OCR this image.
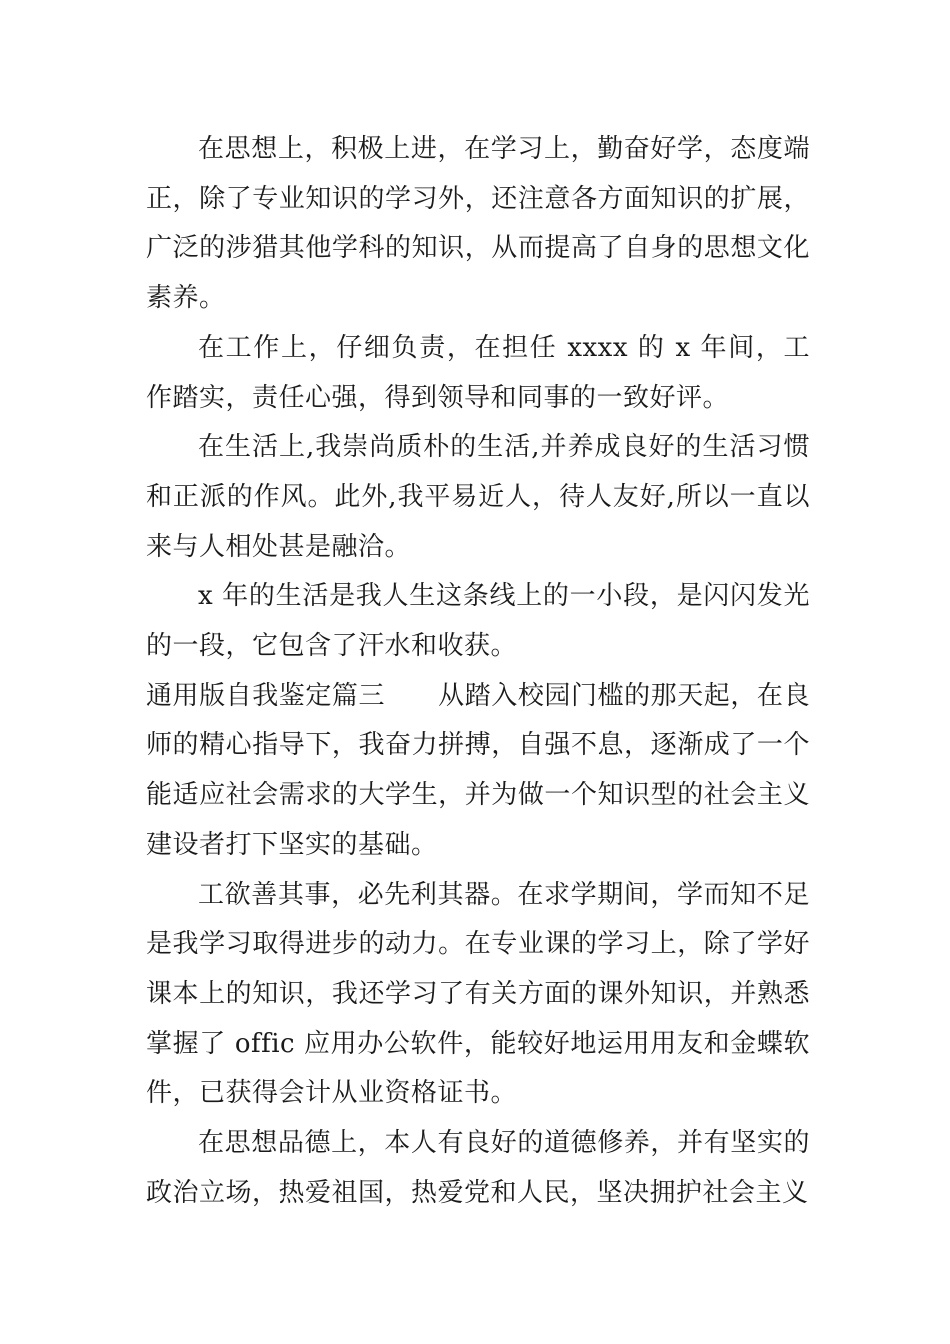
在思想上，积极上进，在学习上，勤奋好学，态度端正，除了专业知识的学习外，还注意各方面知识的扩展，广泛的涉猎其他学科的知识，从而提高了自身的思想文化素养。

在工作上，仔细负责，在担任 xxxx 的 x 年间，工作踏实，责任心强，得到领导和同事的一致好评。

在生活上,我崇尚质朴的生活,并养成良好的生活习惯和正派的作风。此外,我平易近人，待人友好,所以一直以来与人相处甚是融洽。

x 年的生活是我人生这条线上的一小段，是闪闪发光的一段，它包含了汗水和收获。

通用版自我鉴定篇三　　从踏入校园门槛的那天起，在良师的精心指导下，我奋力拼搏，自强不息，逐渐成了一个能适应社会需求的大学生，并为做一个知识型的社会主义建设者打下坚实的基础。

工欲善其事，必先利其器。在求学期间，学而知不足是我学习取得进步的动力。在专业课的学习上，除了学好课本上的知识，我还学习了有关方面的课外知识，并熟悉掌握了 offic 应用办公软件，能较好地运用用友和金蝶软件，已获得会计从业资格证书。

在思想品德上，本人有良好的道德修养，并有坚实的政治立场，热爱祖国，热爱党和人民，坚决拥护社会主义
